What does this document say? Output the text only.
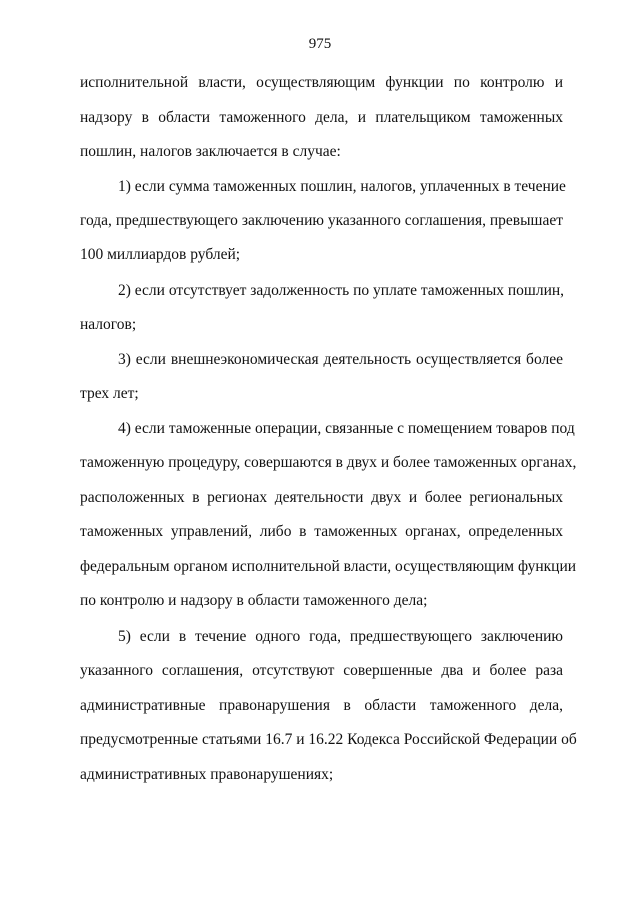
975
исполнительной власти, осуществляющим функции по контролю и
надзору в области таможенного дела, и плательщиком таможенных
пошлин, налогов заключается в случае:
1) если сумма таможенных пошлин, налогов, уплаченных в течение
года, предшествующего заключению указанного соглашения, превышает
100 миллиардов рублей;
2) если отсутствует задолженность по уплате таможенных пошлин,
налогов;
3) если внешнеэкономическая деятельность осуществляется более
трех лет;
4) если таможенные операции, связанные с помещением товаров под
таможенную процедуру, совершаются в двух и более таможенных органах,
расположенных в регионах деятельности двух и более региональных
таможенных управлений, либо в таможенных органах, определенных
федеральным органом исполнительной власти, осуществляющим функции
по контролю и надзору в области таможенного дела;
5) если в течение одного года, предшествующего заключению
указанного соглашения, отсутствуют совершенные два и более раза
административные правонарушения в области таможенного дела,
предусмотренные статьями 16.7 и 16.22 Кодекса Российской Федерации об
административных правонарушениях;
